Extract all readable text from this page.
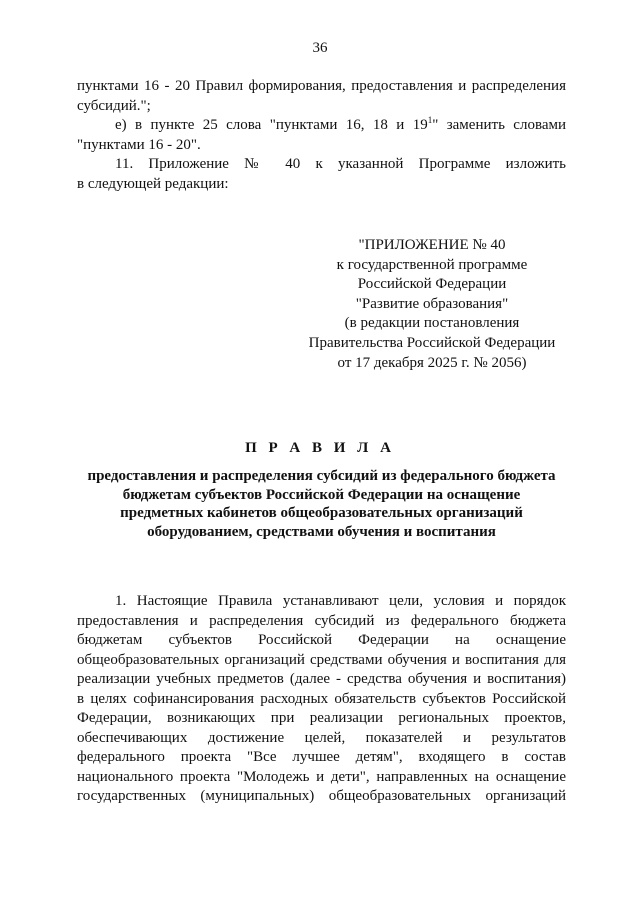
36
пунктами 16 - 20 Правил формирования, предоставления и распределения
субсидий.";
е) в пункте 25 слова "пунктами 16, 18 и $19^1$" заменить словами
"пунктами 16 - 20".
11. Приложение № 40 к указанной Программе изложить
в следующей редакции:
"ПРИЛОЖЕНИЕ № 40
к государственной программе
Российской Федерации
"Развитие образования"
(в редакции постановления
Правительства Российской Федерации
от 17 декабря 2025 г. № 2056)
П Р А В И Л А
предоставления и распределения субсидий из федерального бюджета
бюджетам субъектов Российской Федерации на оснащение
предметных кабинетов общеобразовательных организаций
оборудованием, средствами обучения и воспитания
1. Настоящие Правила устанавливают цели, условия и порядок
предоставления и распределения субсидий из федерального бюджета
бюджетам субъектов Российской Федерации на оснащение
общеобразовательных организаций средствами обучения и воспитания для
реализации учебных предметов (далее - средства обучения и воспитания)
в целях софинансирования расходных обязательств субъектов Российской
Федерации, возникающих при реализации региональных проектов,
обеспечивающих достижение целей, показателей и результатов
федерального проекта "Все лучшее детям", входящего в состав
национального проекта "Молодежь и дети", направленных на оснащение
государственных (муниципальных) общеобразовательных организаций
